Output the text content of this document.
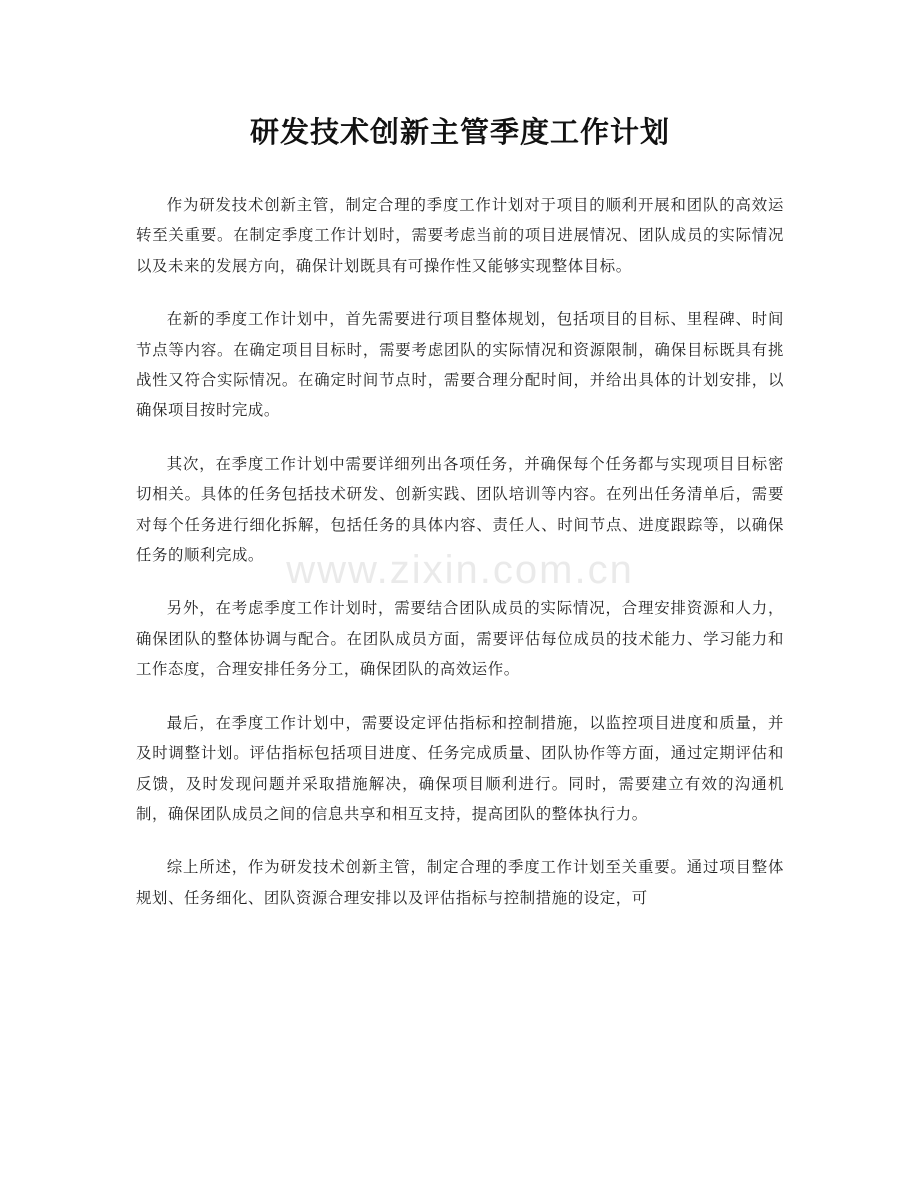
研发技术创新主管季度工作计划

作为研发技术创新主管，制定合理的季度工作计划对于项目的顺利开展和团队的高效运转至关重要。在制定季度工作计划时，需要考虑当前的项目进展情况、团队成员的实际情况以及未来的发展方向，确保计划既具有可操作性又能够实现整体目标。

在新的季度工作计划中，首先需要进行项目整体规划，包括项目的目标、里程碑、时间节点等内容。在确定项目目标时，需要考虑团队的实际情况和资源限制，确保目标既具有挑战性又符合实际情况。在确定时间节点时，需要合理分配时间，并给出具体的计划安排，以确保项目按时完成。

其次，在季度工作计划中需要详细列出各项任务，并确保每个任务都与实现项目目标密切相关。具体的任务包括技术研发、创新实践、团队培训等内容。在列出任务清单后，需要对每个任务进行细化拆解，包括任务的具体内容、责任人、时间节点、进度跟踪等，以确保任务的顺利完成。

另外，在考虑季度工作计划时，需要结合团队成员的实际情况，合理安排资源和人力，确保团队的整体协调与配合。在团队成员方面，需要评估每位成员的技术能力、学习能力和工作态度，合理安排任务分工，确保团队的高效运作。

最后，在季度工作计划中，需要设定评估指标和控制措施，以监控项目进度和质量，并及时调整计划。评估指标包括项目进度、任务完成质量、团队协作等方面，通过定期评估和反馈，及时发现问题并采取措施解决，确保项目顺利进行。同时，需要建立有效的沟通机制，确保团队成员之间的信息共享和相互支持，提高团队的整体执行力。

综上所述，作为研发技术创新主管，制定合理的季度工作计划至关重要。通过项目整体规划、任务细化、团队资源合理安排以及评估指标与控制措施的设定，可

www.zixin.com.cn
